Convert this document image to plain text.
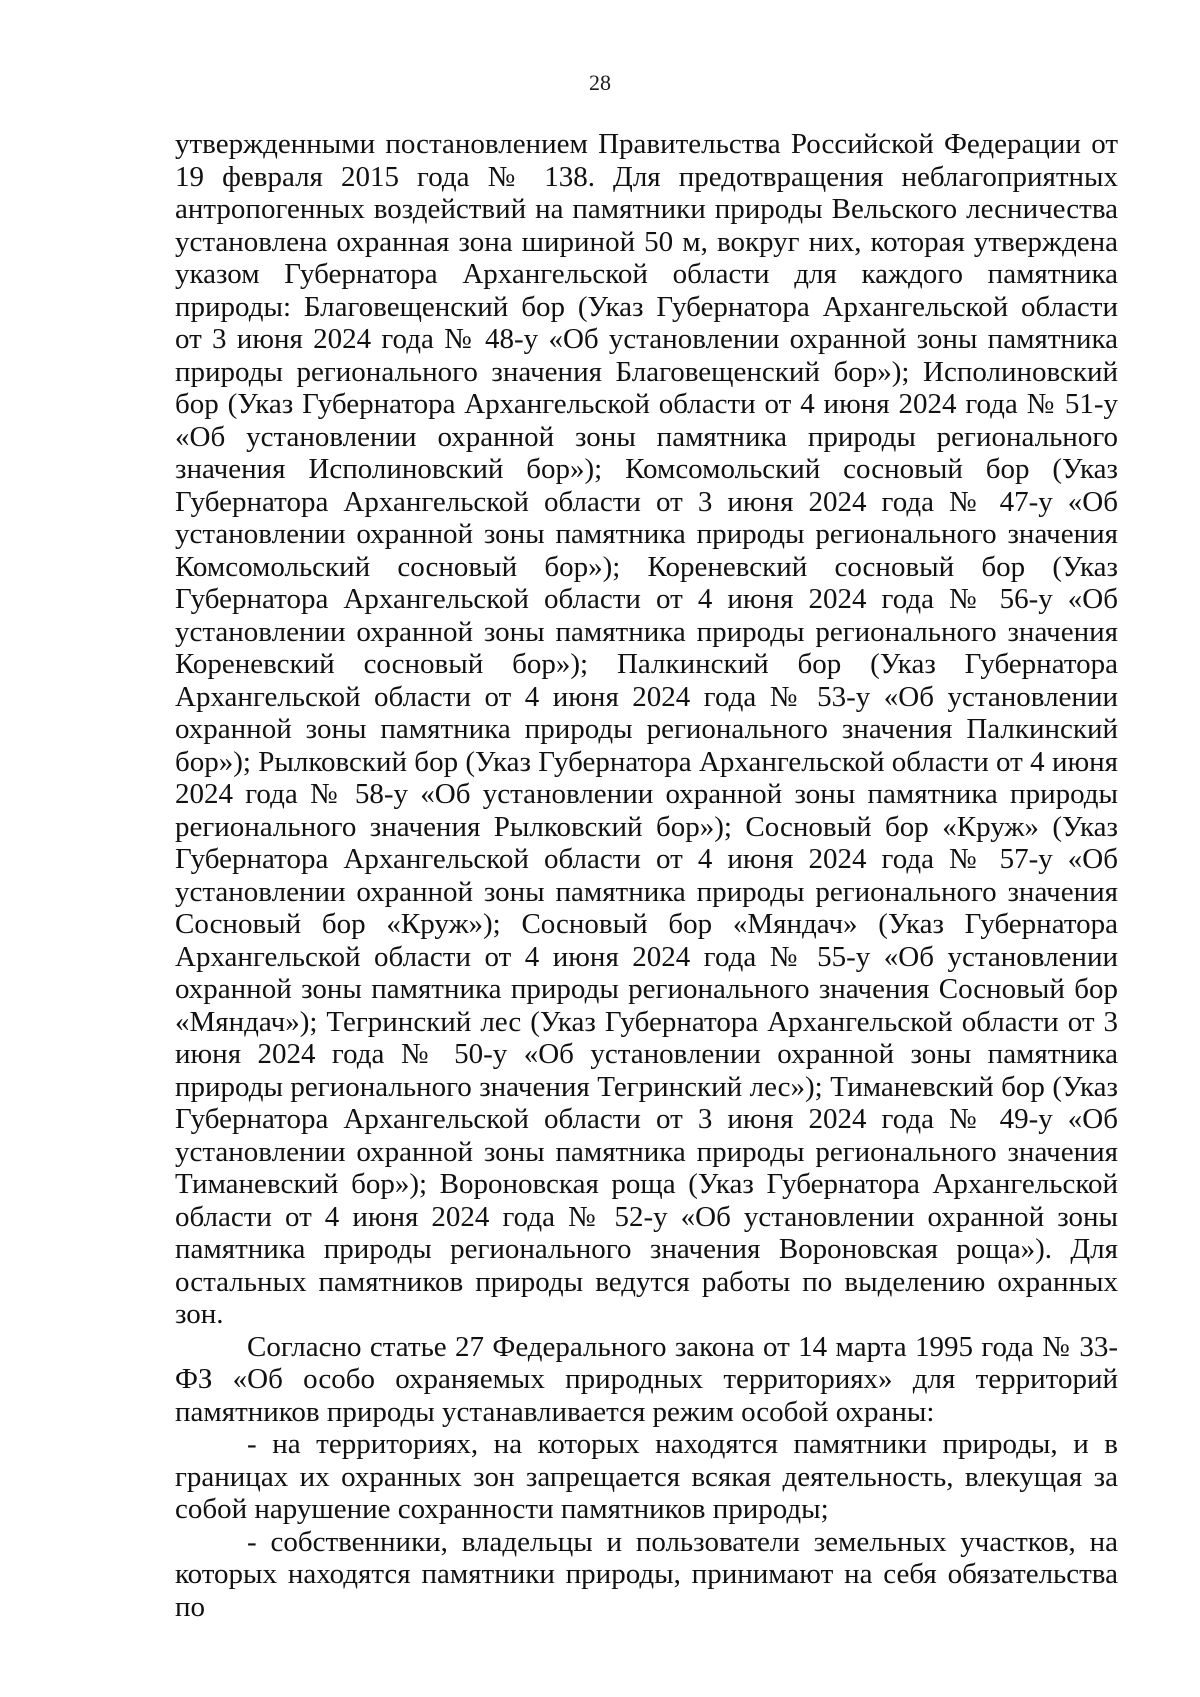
28

утвержденными постановлением Правительства Российской Федерации от 19 февраля 2015 года № 138. Для предотвращения неблагоприятных антропогенных воздействий на памятники природы Вельского лесничества установлена охранная зона шириной 50 м, вокруг них, которая утверждена указом Губернатора Архангельской области для каждого памятника природы: Благовещенский бор (Указ Губернатора Архангельской области от 3 июня 2024 года № 48-у «Об установлении охранной зоны памятника природы регионального значения Благовещенский бор»); Исполиновский бор (Указ Губернатора Архангельской области от 4 июня 2024 года № 51-у «Об установлении охранной зоны памятника природы регионального значения Исполиновский бор»); Комсомольский сосновый бор (Указ Губернатора Архангельской области от 3 июня 2024 года № 47-у «Об установлении охранной зоны памятника природы регионального значения Комсомольский сосновый бор»); Кореневский сосновый бор (Указ Губернатора Архангельской области от 4 июня 2024 года № 56-у «Об установлении охранной зоны памятника природы регионального значения Кореневский сосновый бор»); Палкинский бор (Указ Губернатора Архангельской области от 4 июня 2024 года № 53-у «Об установлении охранной зоны памятника природы регионального значения Палкинский бор»); Рылковский бор (Указ Губернатора Архангельской области от 4 июня 2024 года № 58-у «Об установлении охранной зоны памятника природы регионального значения Рылковский бор»); Сосновый бор «Круж» (Указ Губернатора Архангельской области от 4 июня 2024 года № 57-у «Об установлении охранной зоны памятника природы регионального значения Сосновый бор «Круж»); Сосновый бор «Мяндач» (Указ Губернатора Архангельской области от 4 июня 2024 года № 55-у «Об установлении охранной зоны памятника природы регионального значения Сосновый бор «Мяндач»); Тегринский лес (Указ Губернатора Архангельской области от 3 июня 2024 года № 50-у «Об установлении охранной зоны памятника природы регионального значения Тегринский лес»); Тиманевский бор (Указ Губернатора Архангельской области от 3 июня 2024 года № 49-у «Об установлении охранной зоны памятника природы регионального значения Тиманевский бор»); Вороновская роща (Указ Губернатора Архангельской области от 4 июня 2024 года № 52-у «Об установлении охранной зоны памятника природы регионального значения Вороновская роща»). Для остальных памятников природы ведутся работы по выделению охранных зон.

Согласно статье 27 Федерального закона от 14 марта 1995 года № 33-ФЗ «Об особо охраняемых природных территориях» для территорий памятников природы устанавливается режим особой охраны:

- на территориях, на которых находятся памятники природы, и в границах их охранных зон запрещается всякая деятельность, влекущая за собой нарушение сохранности памятников природы;

- собственники, владельцы и пользователи земельных участков, на которых находятся памятники природы, принимают на себя обязательства по
